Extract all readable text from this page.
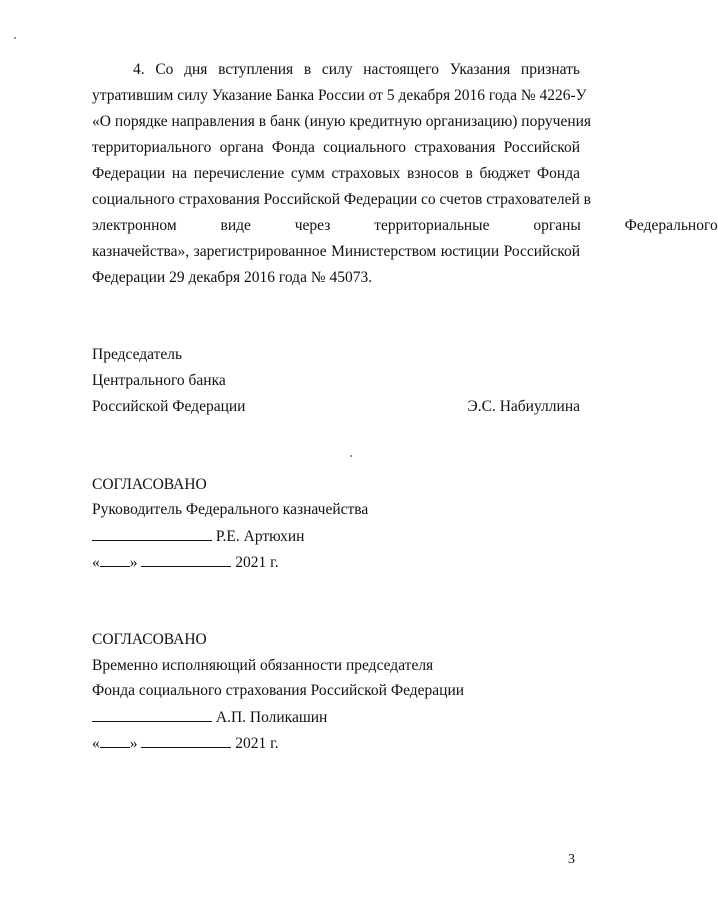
4. Со дня вступления в силу настоящего Указания признать
утратившим силу Указание Банка России от 5 декабря 2016 года № 4226-У
«О порядке направления в банк (иную кредитную организацию) поручения
территориального органа Фонда социального страхования Российской
Федерации на перечисление сумм страховых взносов в бюджет Фонда
социального страхования Российской Федерации со счетов страхователей в
электронном виде через территориальные органы Федерального
казначейства», зарегистрированное Министерством юстиции Российской
Федерации 29 декабря 2016 года № 45073.
Председатель
Центрального банка
Российской Федерации	Э.С. Набиуллина
СОГЛАСОВАНО
Руководитель Федерального казначейства
Р.Е. Артюхин
« »	2021 г.
СОГЛАСОВАНО
Временно исполняющий обязанности председателя
Фонда социального страхования Российской Федерации
А.П. Поликашин
« »	2021 г.
3
